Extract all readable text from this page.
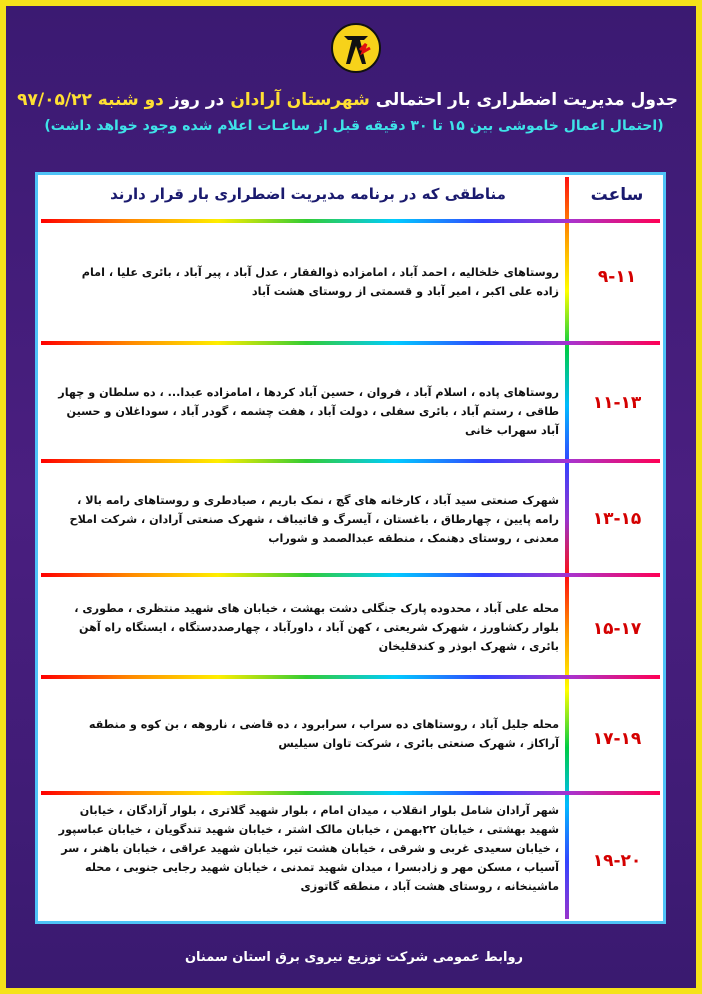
جدول مدیریت اضطراری بار احتمالی شهرستان آرادان در روز دو شنبه ۹۷/۰۵/۲۲
(احتمال اعمال خاموشی بین ۱۵ تا ۳۰ دقیقه قبل از ساعـات اعلام شده وجود خواهد داشت)
مناطقی که در برنامه مدیریت اضطراری بار قرار دارند	ساعت
روستاهای خلخالیه ، احمد آباد ، امامزاده ذوالفقار ، عدل آباد ، پیر آباد ، بائری علیا ، امام زاده علی اکبر ، امیر آباد و قسمتی از روستای هشت آباد
۹-۱۱
روستاهای پاده ، اسلام آباد ، فروان ، حسین آباد کردها ، امامزاده عبدا... ، ده سلطان و چهار طاقی ، رستم آباد ، بائری سفلی ، دولت آباد ، هفت چشمه ، گودر آباد ، سوداغلان و حسین آباد سهراب خانی
۱۱-۱۳
شهرک صنعتی سید آباد ، کارخانه های گچ ، نمک باریم ، صیادطری و روستاهای رامه بالا ، رامه پایین ، چهارطاق ، باغستان ، آیسرگ و قاتیباف ، شهرک صنعتی آرادان ، شرکت املاح معدنی ، روستای دهنمک ، منطقه عبدالصمد و شوراب
۱۳-۱۵
محله علی آباد ، محدوده پارک جنگلی دشت بهشت ، خیابان های شهید منتظری ، مطوری ، بلوار رکشاورز ، شهرک شریعتی ، کهن آباد ، داورآباد ، چهارصددستگاه ، ایستگاه راه آهن بائری ، شهرک ابوذر و کندقلیخان
۱۵-۱۷
محله جلیل آباد ، روستاهای ده سراب ، سرابرود ، ده قاضی ، ناروهه ، بن کوه و منطقه آراکاز ، شهرک صنعتی بائری ، شرکت تاوان سیلیس	۱۷-۱۹
شهر آرادان شامل بلوار انقلاب ، میدان امام ، بلوار شهید گلاتری ، بلوار آزادگان ، خیابان شهید بهشتی ، خیابان ۲۲بهمن ، خیابان مالک اشتر ، خیابان شهید تندگویان ، خیابان عباسپور ، خیابان سعیدی غربی و شرقی ، خیابان هشت تیر، خیابان شهید عراقی ، خیابان باهنر ، سر آسیاب ، مسکن مهر و زادبسرا ، میدان شهید تمدنی ، خیابان شهید رجایی جنوبی ، محله ماشینخانه ، روستای هشت آباد ، منطقه گاتوزی
۱۹-۲۰
روابط عمومی شرکت توزیع نیروی برق استان سمنان
